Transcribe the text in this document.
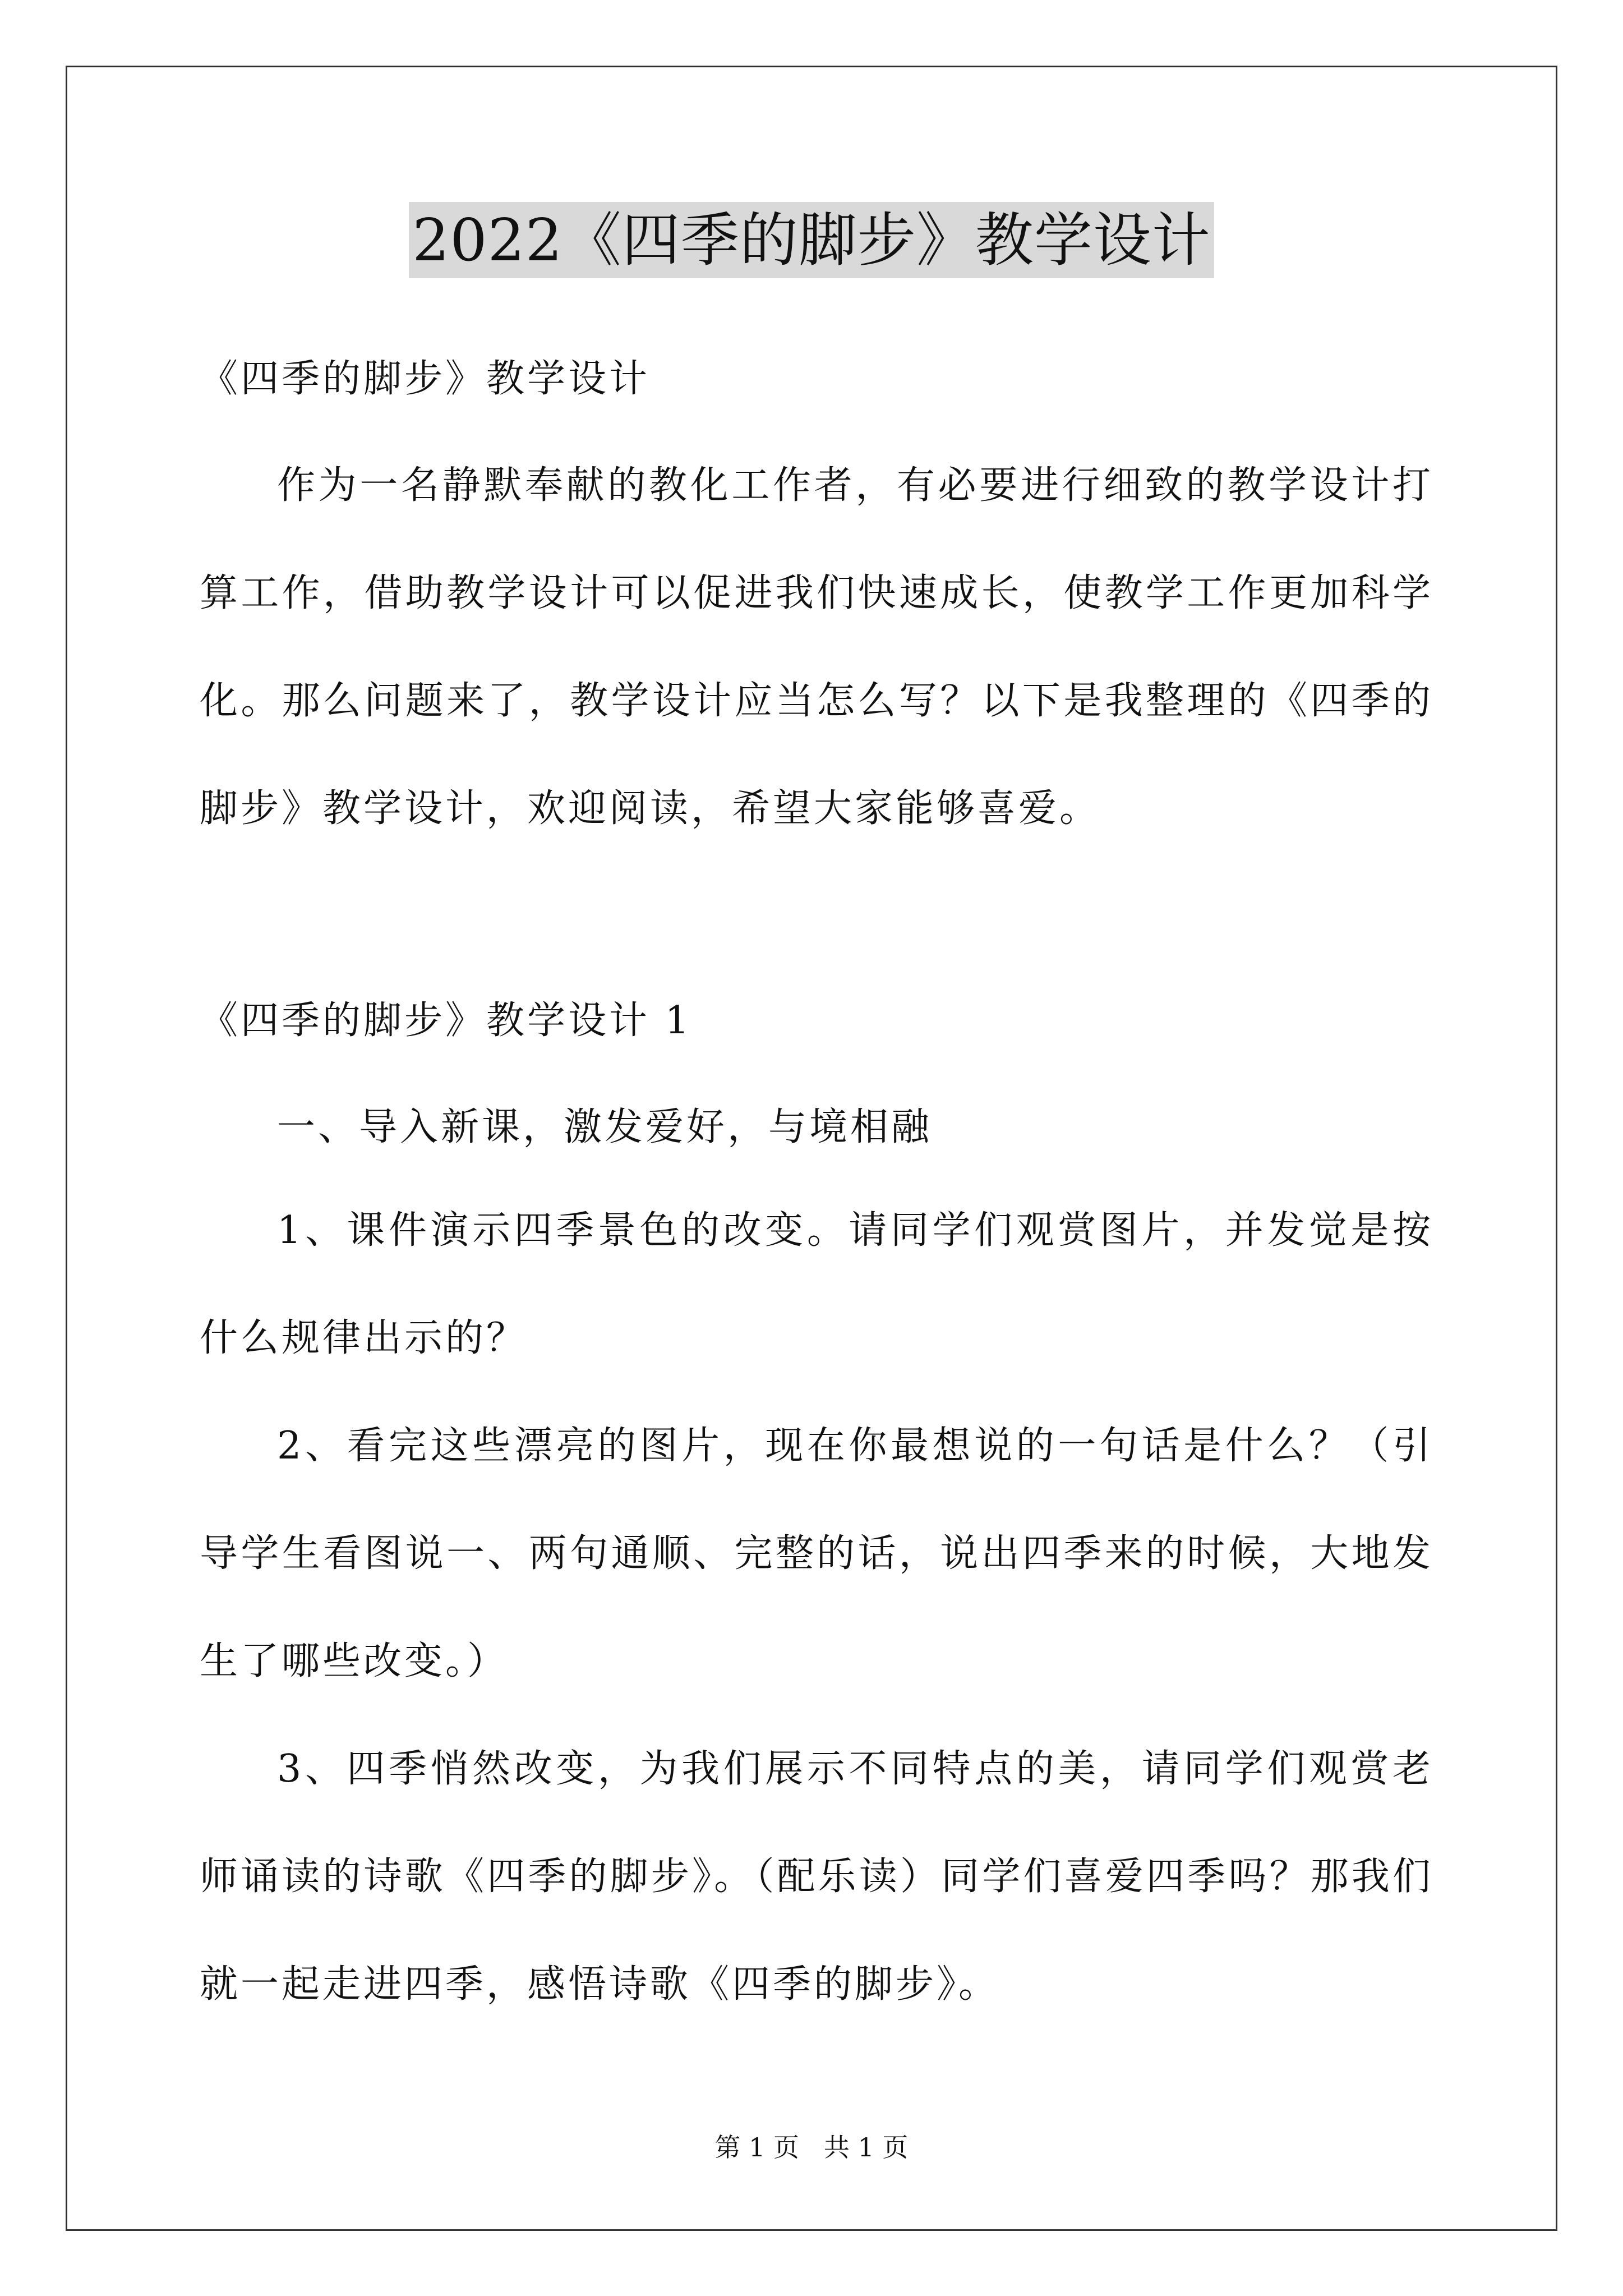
2022《四季的脚步》教学设计
《四季的脚步》教学设计

作为一名静默奉献的教化工作者，有必要进行细致的教学设计打算工作，借助教学设计可以促进我们快速成长，使教学工作更加科学化。那么问题来了，教学设计应当怎么写？以下是我整理的《四季的脚步》教学设计，欢迎阅读，希望大家能够喜爱。

《四季的脚步》教学设计 1
一、导入新课，激发爱好，与境相融

1、课件演示四季景色的改变。请同学们观赏图片，并发觉是按什么规律出示的？

2、看完这些漂亮的图片，现在你最想说的一句话是什么？（引导学生看图说一、两句通顺、完整的话，说出四季来的时候，大地发生了哪些改变。）

3、四季悄然改变，为我们展示不同特点的美，请同学们观赏老师诵读的诗歌《四季的脚步》。（配乐读）同学们喜爱四季吗？那我们就一起走进四季，感悟诗歌《四季的脚步》。

第 1 页   共 1 页
